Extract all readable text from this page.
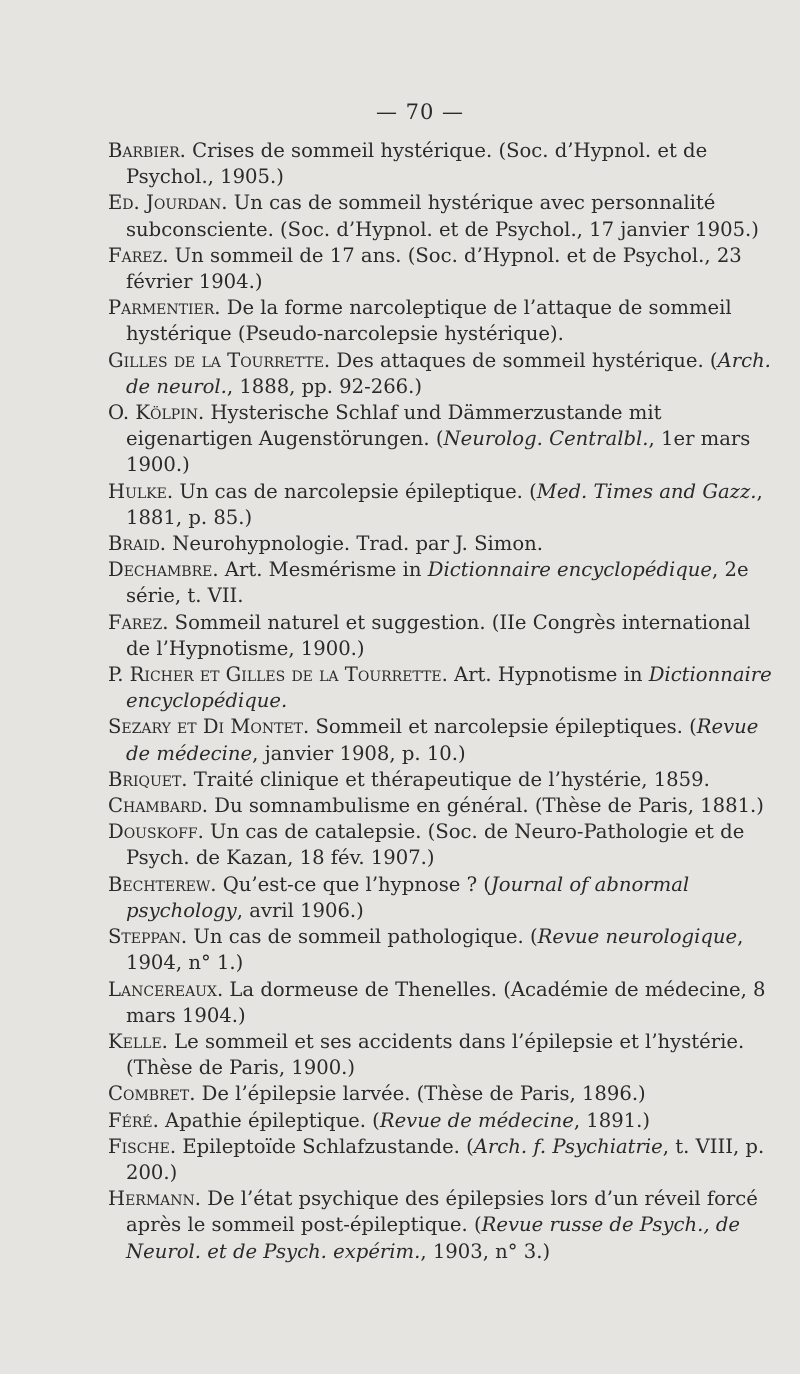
— 70 —

Barbier. Crises de sommeil hystérique. (Soc. d’Hypnol. et de Psychol., 1905.)

Ed. Jourdan. Un cas de sommeil hystérique avec personnalité subconsciente. (Soc. d’Hypnol. et de Psychol., 17 janvier 1905.)

Farez. Un sommeil de 17 ans. (Soc. d’Hypnol. et de Psychol., 23 février 1904.)

Parmentier. De la forme narcoleptique de l’attaque de sommeil hystérique (Pseudo-narcolepsie hystérique).

Gilles de la Tourrette. Des attaques de sommeil hystérique. (Arch. de neurol., 1888, pp. 92-266.)

O. Kölpin. Hysterische Schlaf und Dämmerzustande mit eigenartigen Augenstörungen. (Neurolog. Centralbl., 1er mars 1900.)

Hulke. Un cas de narcolepsie épileptique. (Med. Times and Gazz., 1881, p. 85.)

Braid. Neurohypnologie. Trad. par J. Simon.

Dechambre. Art. Mesmérisme in Dictionnaire encyclopédique, 2e série, t. VII.

Farez. Sommeil naturel et suggestion. (IIe Congrès international de l’Hypnotisme, 1900.)

P. Richer et Gilles de la Tourrette. Art. Hypnotisme in Dictionnaire encyclopédique.

Sezary et Di Montet. Sommeil et narcolepsie épileptiques. (Revue de médecine, janvier 1908, p. 10.)

Briquet. Traité clinique et thérapeutique de l’hystérie, 1859.

Chambard. Du somnambulisme en général. (Thèse de Paris, 1881.)

Douskoff. Un cas de catalepsie. (Soc. de Neuro-Pathologie et de Psych. de Kazan, 18 fév. 1907.)

Bechterew. Qu’est-ce que l’hypnose ? (Journal of abnormal psychology, avril 1906.)

Steppan. Un cas de sommeil pathologique. (Revue neurologique, 1904, n° 1.)

Lancereaux. La dormeuse de Thenelles. (Académie de médecine, 8 mars 1904.)

Kelle. Le sommeil et ses accidents dans l’épilepsie et l’hystérie. (Thèse de Paris, 1900.)

Combret. De l’épilepsie larvée. (Thèse de Paris, 1896.)

Féré. Apathie épileptique. (Revue de médecine, 1891.)

Fische. Epileptoïde Schlafzustande. (Arch. f. Psychiatrie, t. VIII, p. 200.)

Hermann. De l’état psychique des épilepsies lors d’un réveil forcé après le sommeil post-épileptique. (Revue russe de Psych., de Neurol. et de Psych. expérim., 1903, n° 3.)
